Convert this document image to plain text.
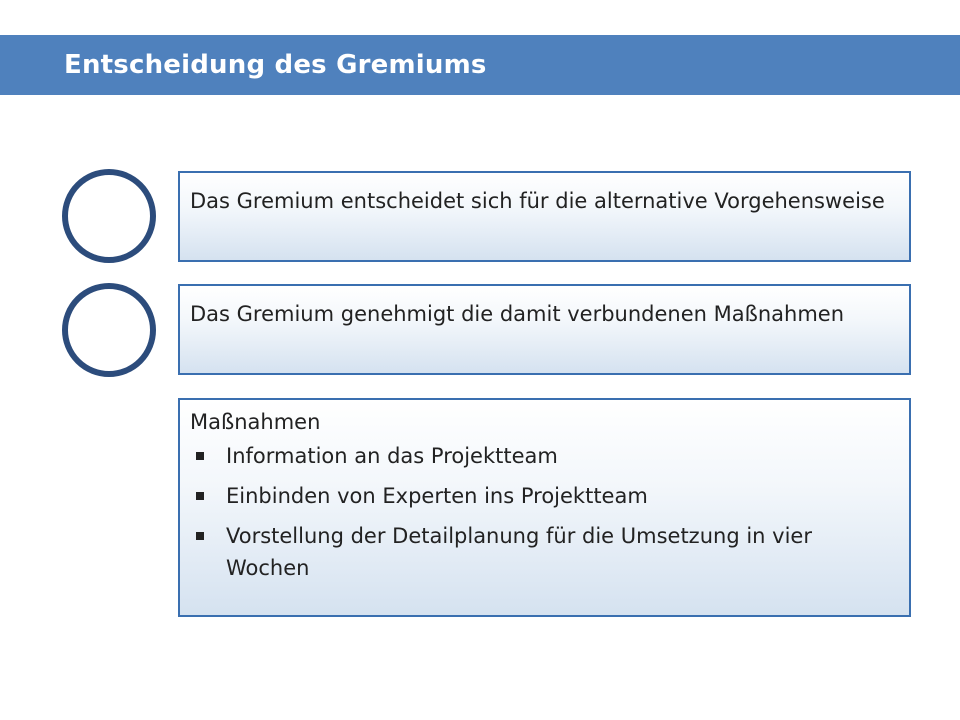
Entscheidung des Gremiums
Das Gremium entscheidet sich für die alternative Vorgehensweise
Das Gremium genehmigt die damit verbundenen Maßnahmen
Maßnahmen
Information an das Projektteam
Einbinden von Experten ins Projektteam
Vorstellung der Detailplanung für die Umsetzung in vier Wochen
